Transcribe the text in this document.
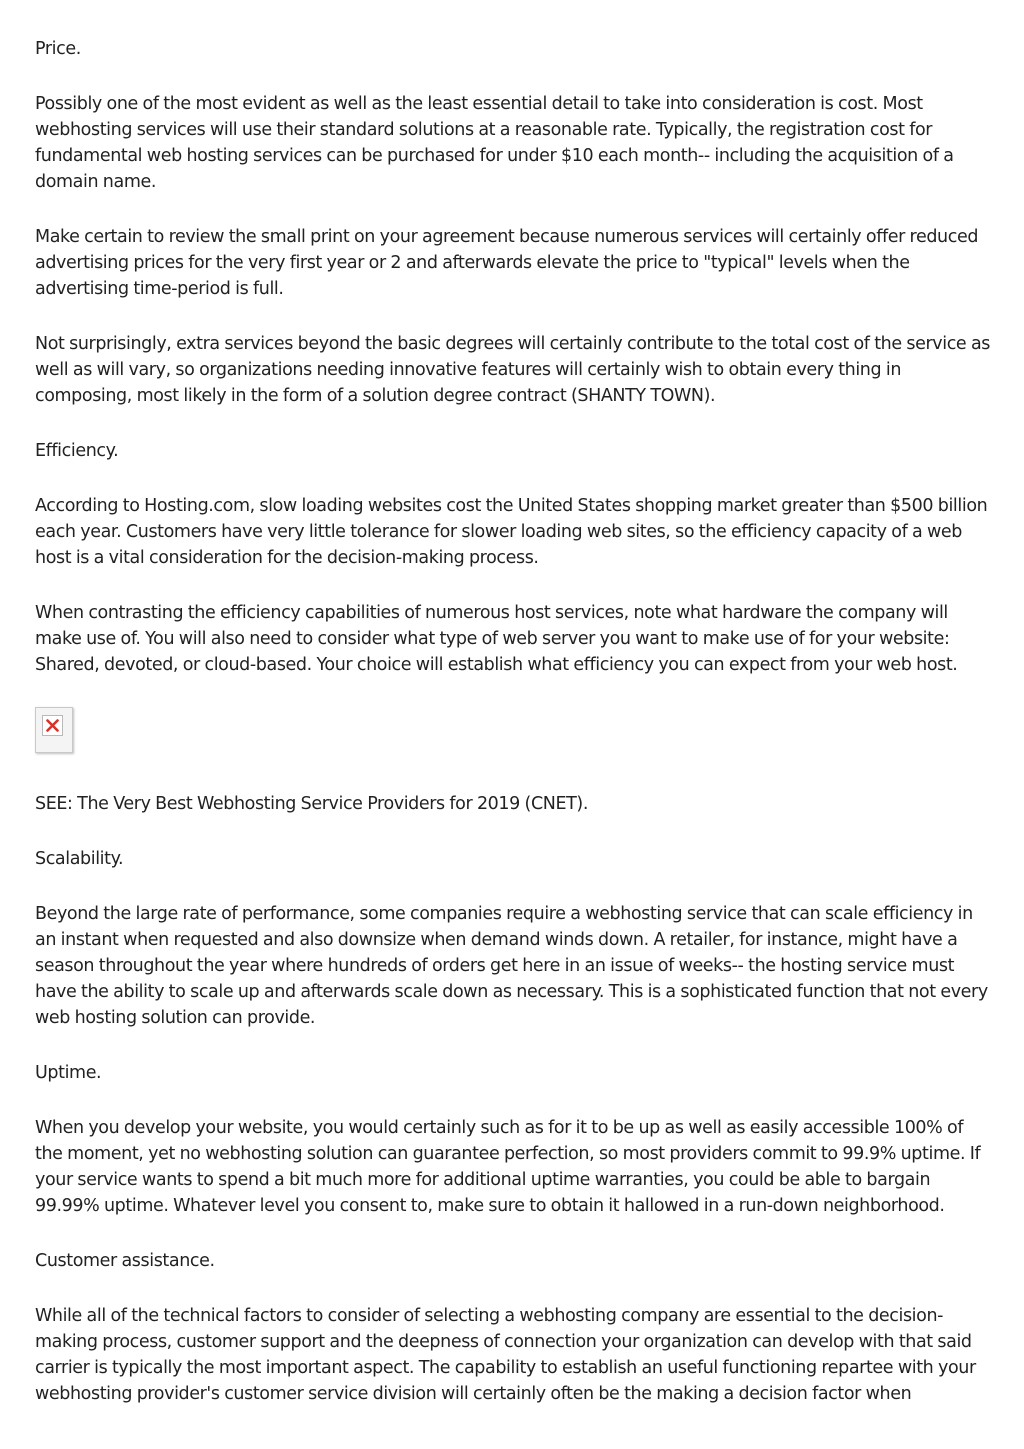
Price.

Possibly one of the most evident as well as the least essential detail to take into consideration is cost. Most webhosting services will use their standard solutions at a reasonable rate. Typically, the registration cost for fundamental web hosting services can be purchased for under $10 each month-- including the acquisition of a domain name.

Make certain to review the small print on your agreement because numerous services will certainly offer reduced advertising prices for the very first year or 2 and afterwards elevate the price to "typical" levels when the advertising time-period is full.

Not surprisingly, extra services beyond the basic degrees will certainly contribute to the total cost of the service as well as will vary, so organizations needing innovative features will certainly wish to obtain every thing in composing, most likely in the form of a solution degree contract (SHANTY TOWN).

Efficiency.

According to Hosting.com, slow loading websites cost the United States shopping market greater than $500 billion each year. Customers have very little tolerance for slower loading web sites, so the efficiency capacity of a web host is a vital consideration for the decision-making process.

When contrasting the efficiency capabilities of numerous host services, note what hardware the company will make use of. You will also need to consider what type of web server you want to make use of for your website: Shared, devoted, or cloud-based. Your choice will establish what efficiency you can expect from your web host.

SEE: The Very Best Webhosting Service Providers for 2019 (CNET).

Scalability.

Beyond the large rate of performance, some companies require a webhosting service that can scale efficiency in an instant when requested and also downsize when demand winds down. A retailer, for instance, might have a season throughout the year where hundreds of orders get here in an issue of weeks-- the hosting service must have the ability to scale up and afterwards scale down as necessary. This is a sophisticated function that not every web hosting solution can provide.

Uptime.

When you develop your website, you would certainly such as for it to be up as well as easily accessible 100% of the moment, yet no webhosting solution can guarantee perfection, so most providers commit to 99.9% uptime. If your service wants to spend a bit much more for additional uptime warranties, you could be able to bargain 99.99% uptime. Whatever level you consent to, make sure to obtain it hallowed in a run-down neighborhood.

Customer assistance.

While all of the technical factors to consider of selecting a webhosting company are essential to the decision-making process, customer support and the deepness of connection your organization can develop with that said carrier is typically the most important aspect. The capability to establish an useful functioning repartee with your webhosting provider's customer service division will certainly often be the making a decision factor when
